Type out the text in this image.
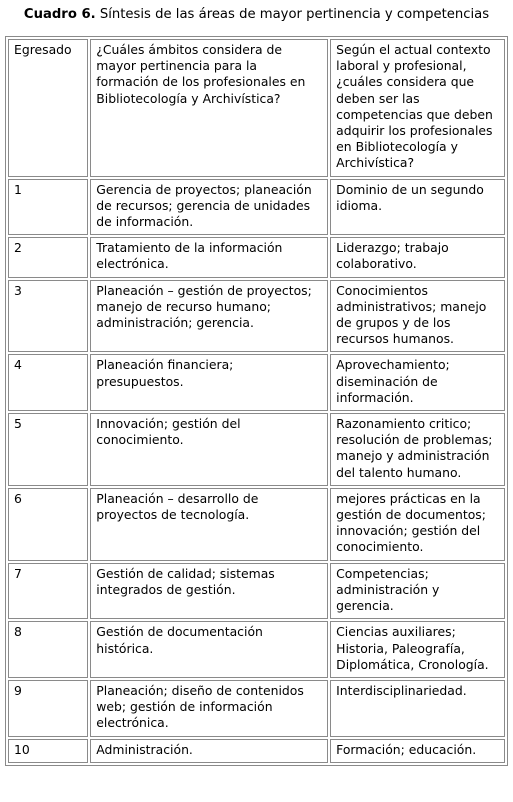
Cuadro 6. Síntesis de las áreas de mayor pertinencia y competencias
Egresado	¿Cuáles ámbitos considera de mayor pertinencia para la formación de los profesionales en Bibliotecología y Archivística?	Según el actual contexto laboral y profesional, ¿cuáles considera que deben ser las competencias que deben adquirir los profesionales en Bibliotecología y Archivística?
1	Gerencia de proyectos; planeación de recursos; gerencia de unidades de información.	Dominio de un segundo idioma.
2	Tratamiento de la información electrónica.	Liderazgo; trabajo colaborativo.
3	Planeación – gestión de proyectos; manejo de recurso humano; administración; gerencia.	Conocimientos administrativos; manejo de grupos y de los recursos humanos.
4	Planeación financiera; presupuestos.	Aprovechamiento; diseminación de información.
5	Innovación; gestión del conocimiento.	Razonamiento critico; resolución de problemas; manejo y administración del talento humano.
6	Planeación – desarrollo de proyectos de tecnología.	mejores prácticas en la gestión de documentos; innovación; gestión del conocimiento.
7	Gestión de calidad; sistemas integrados de gestión.	Competencias; administración y gerencia.
8	Gestión de documentación histórica.	Ciencias auxiliares; Historia, Paleografía, Diplomática, Cronología.
9	Planeación; diseño de contenidos web; gestión de información electrónica.	Interdisciplinariedad.
10	Administración.	Formación; educación.
